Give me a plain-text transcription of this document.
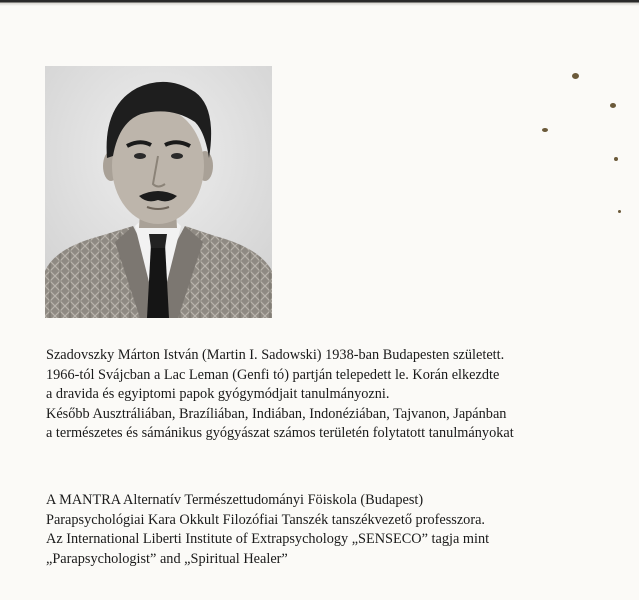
Szadovszky Márton István (Martin I. Sadowski) 1938-ban Budapesten született.

1966-tól Svájcban a Lac Leman (Genfi tó) partján telepedett le. Korán elkezdte

a dravida és egyiptomi papok gyógymódjait tanulmányozni.

Később Ausztráliában, Brazíliában, Indiában, Indonéziában, Tajvanon, Japánban

a természetes és sámánikus gyógyászat számos területén folytatott tanulmányokat

A MANTRA Alternatív Természettudományi Föiskola (Budapest)

Parapsychológiai Kara Okkult Filozófiai Tanszék tanszékvezető professzora.

Az International Liberti Institute of Extrapsychology „SENSECO” tagja mint

„Parapsychologist” and „Spiritual Healer”
